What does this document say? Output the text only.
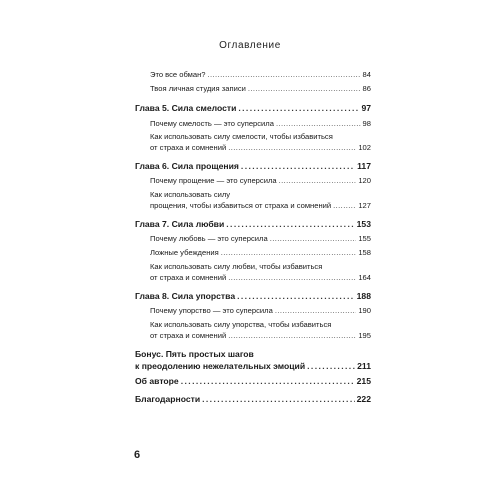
Оглавление
Это все обман? .....	84
Твоя личная студия записи .....	86
Глава 5. Сила смелости .....	97
Почему смелость — это суперсила .....	98
Как использовать силу смелости, чтобы избавиться
от страха и сомнений .....	102
Глава 6. Сила прощения .....	117
Почему прощение — это суперсила .....	120
Как использовать силу
прощения, чтобы избавиться от страха и сомнений .....	127
Глава 7. Сила любви .....	153
Почему любовь — это суперсила .....	155
Ложные убеждения .....	158
Как использовать силу любви, чтобы избавиться
от страха и сомнений .....	164
Глава 8. Сила упорства .....	188
Почему упорство — это суперсила .....	190
Как использовать силу упорства, чтобы избавиться
от страха и сомнений .....	195
Бонус. Пять простых шагов
к преодолению нежелательных эмоций .....	211
Об авторе .....	215
Благодарности .....	222
6
